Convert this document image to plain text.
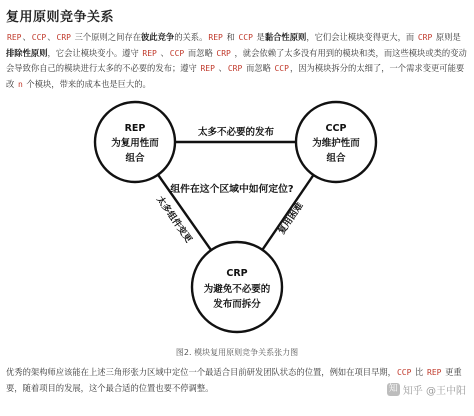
复用原则竞争关系

REP、CCP、CRP 三个原则之间存在彼此竞争的关系。REP 和 CCP 是黏合性原则，它们会让模块变得更大，而 CRP 原则是排除性原则，它会让模块变小。遵守 REP 、CCP 而忽略 CRP ，就会依赖了太多没有用到的模块和类，而这些模块或类的变动会导致你自己的模块进行太多的不必要的发布；遵守 REP 、CRP 而忽略 CCP，因为模块拆分的太细了，一个需求变更可能要改 n 个模块，带来的成本也是巨大的。

REP
为复用性而
组合
CCP
为维护性而
组合
CRP
为避免不必要的
发布而拆分
太多不必要的发布
组件在这个区域中如何定位?
太多组件变更	复用困难
图2. 模块复用原则竞争关系张力图

优秀的架构师应该能在上述三角形张力区域中定位一个最适合目前研发团队状态的位置，例如在项目早期，CCP 比 REP 更重要，随着项目的发展，这个最合适的位置也要不停调整。	知 知乎 @王中阳
